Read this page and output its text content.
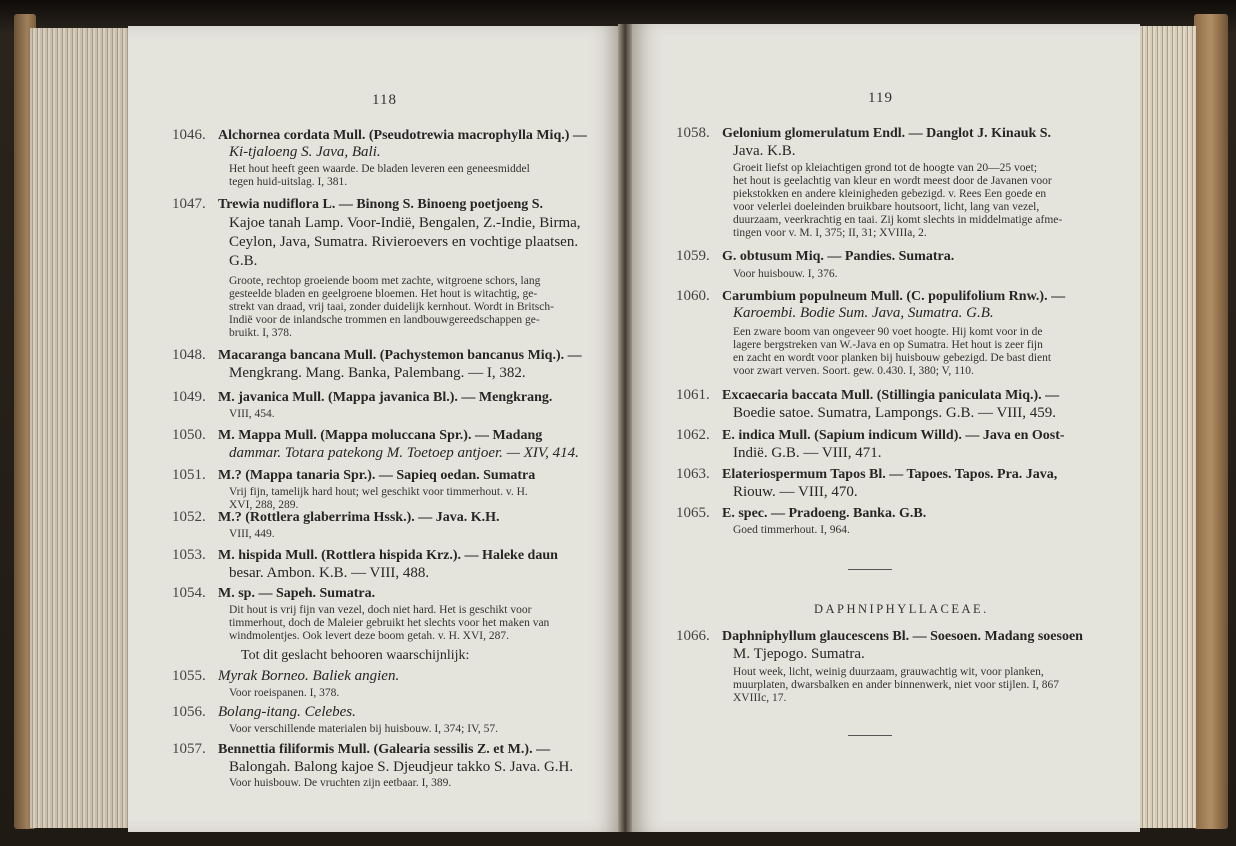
118
1046. Alchornea cordata Mull. (Pseudotrewia macrophylla Miq.) —
Ki-tjaloeng S. Java, Bali.
Het hout heeft geen waarde. De bladen leveren een geneesmiddel
tegen huid-uitslag. I, 381.
1047. Trewia nudiflora L. — Binong S. Binoeng poetjoeng S.
Kajoe tanah Lamp. Voor-Indië, Bengalen, Z.-Indie, Birma,
Ceylon, Java, Sumatra. Rivieroevers en vochtige plaatsen.
G.B.
Groote, rechtop groeiende boom met zachte, witgroene schors, lang
gesteelde bladen en geelgroene bloemen. Het hout is witachtig, ge-
strekt van draad, vrij taai, zonder duidelijk kernhout. Wordt in Britsch-
Indië voor de inlandsche trommen en landbouwgereedschappen ge-
bruikt. I, 378.
1048. Macaranga bancana Mull. (Pachystemon bancanus Miq.). —
Mengkrang. Mang. Banka, Palembang. — I, 382.
1049. M. javanica Mull. (Mappa javanica Bl.). — Mengkrang.
VIII, 454.
1050. M. Mappa Mull. (Mappa moluccana Spr.). — Madang
dammar. Totara patekong M. Toetoep antjoer. — XIV, 414.
1051. M.? (Mappa tanaria Spr.). — Sapieq oedan. Sumatra
Vrij fijn, tamelijk hard hout; wel geschikt voor timmerhout. v. H.
XVI, 288, 289.
1052. M.? (Rottlera glaberrima Hssk.). — Java. K.H.
VIII, 449.
1053. M. hispida Mull. (Rottlera hispida Krz.). — Haleke daun
besar. Ambon. K.B. — VIII, 488.
1054. M. sp. — Sapeh. Sumatra.
Dit hout is vrij fijn van vezel, doch niet hard. Het is geschikt voor
timmerhout, doch de Maleier gebruikt het slechts voor het maken van
windmolentjes. Ook levert deze boom getah. v. H. XVI, 287.
Tot dit geslacht behooren waarschijnlijk:
1055. Myrak Borneo. Baliek angien.
Voor roeispanen. I, 378.
1056. Bolang-itang. Celebes.
Voor verschillende materialen bij huisbouw. I, 374; IV, 57.
1057. Bennettia filiformis Mull. (Galearia sessilis Z. et M.). —
Balongah. Balong kajoe S. Djeudjeur takko S. Java. G.H.
Voor huisbouw. De vruchten zijn eetbaar. I, 389.
119
1058. Gelonium glomerulatum Endl. — Danglot J. Kinauk S.
Java. K.B.
Groeit liefst op kleiachtigen grond tot de hoogte van 20—25 voet;
het hout is geelachtig van kleur en wordt meest door de Javanen voor
piekstokken en andere kleinigheden gebezigd. v. Rees Een goede en
voor velerlei doeleinden bruikbare houtsoort, licht, lang van vezel,
duurzaam, veerkrachtig en taai. Zij komt slechts in middelmatige afme-
tingen voor v. M. I, 375; II, 31; XVIIIa, 2.
1059. G. obtusum Miq. — Pandies. Sumatra.
Voor huisbouw. I, 376.
1060. Carumbium populneum Mull. (C. populifolium Rnw.). —
Karoembi. Bodie Sum. Java, Sumatra. G.B.
Een zware boom van ongeveer 90 voet hoogte. Hij komt voor in de
lagere bergstreken van W.-Java en op Sumatra. Het hout is zeer fijn
en zacht en wordt voor planken bij huisbouw gebezigd. De bast dient
voor zwart verven. Soort. gew. 0.430. I, 380; V, 110.
1061. Excaecaria baccata Mull. (Stillingia paniculata Miq.). —
Boedie satoe. Sumatra, Lampongs. G.B. — VIII, 459.
1062. E. indica Mull. (Sapium indicum Willd). — Java en Oost-
Indië. G.B. — VIII, 471.
1063. Elateriospermum Tapos Bl. — Tapoes. Tapos. Pra. Java,
Riouw. — VIII, 470.
1065. E. spec. — Pradoeng. Banka. G.B.
Goed timmerhout. I, 964.
DAPHNIPHYLLACEAE.
1066. Daphniphyllum glaucescens Bl. — Soesoen. Madang soesoen
M. Tjepogo. Sumatra.
Hout week, licht, weinig duurzaam, grauwachtig wit, voor planken,
muurplaten, dwarsbalken en ander binnenwerk, niet voor stijlen. I, 867
XVIIIc, 17.
